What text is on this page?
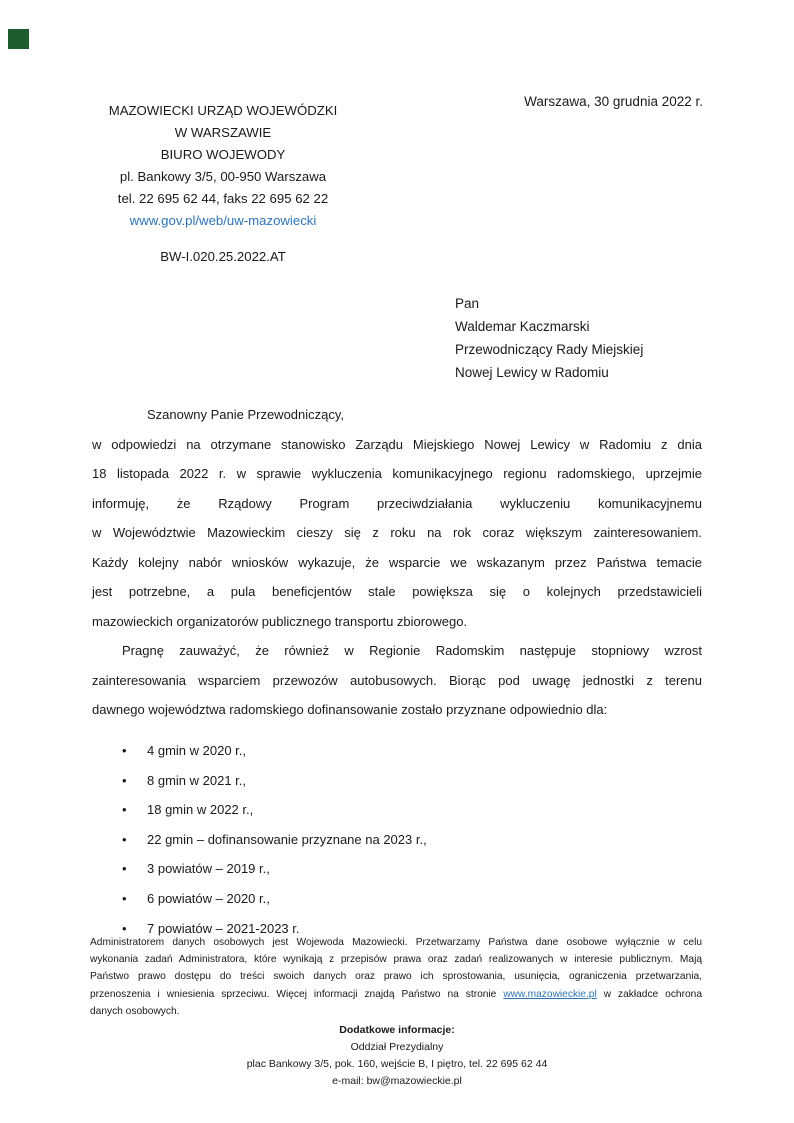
Warszawa, 30 grudnia 2022 r.
MAZOWIECKI URZĄD WOJEWÓDZKI
W WARSZAWIE
BIURO WOJEWODY
pl. Bankowy 3/5, 00-950 Warszawa
tel. 22 695 62 44, faks 22 695 62 22
www.gov.pl/web/uw-mazowiecki
BW-I.020.25.2022.AT
Pan
Waldemar Kaczmarski
Przewodniczący Rady Miejskiej
Nowej Lewicy w Radomiu
Szanowny Panie Przewodniczący,
w odpowiedzi na otrzymane stanowisko Zarządu Miejskiego Nowej Lewicy w Radomiu z dnia
18 listopada 2022 r. w sprawie wykluczenia komunikacyjnego regionu radomskiego, uprzejmie
informuję, że Rządowy Program przeciwdziałania wykluczeniu komunikacyjnemu
w Województwie Mazowieckim cieszy się z roku na rok coraz większym zainteresowaniem.
Każdy kolejny nabór wniosków wykazuje, że wsparcie we wskazanym przez Państwa temacie
jest potrzebne, a pula beneficjentów stale powiększa się o kolejnych przedstawicieli
mazowieckich organizatorów publicznego transportu zbiorowego.
Pragnę zauważyć, że również w Regionie Radomskim następuje stopniowy wzrost
zainteresowania wsparciem przewozów autobusowych. Biorąc pod uwagę jednostki z terenu
dawnego województwa radomskiego dofinansowanie zostało przyznane odpowiednio dla:
• 4 gmin w 2020 r.,
• 8 gmin w 2021 r.,
• 18 gmin w 2022 r.,
• 22 gmin – dofinansowanie przyznane na 2023 r.,
• 3 powiatów – 2019 r.,
• 6 powiatów – 2020 r.,
• 7 powiatów – 2021-2023 r.
Administratorem danych osobowych jest Wojewoda Mazowiecki. Przetwarzamy Państwa dane osobowe wyłącznie w celu
wykonania zadań Administratora, które wynikają z przepisów prawa oraz zadań realizowanych w interesie publicznym. Mają
Państwo prawo dostępu do treści swoich danych oraz prawo ich sprostowania, usunięcia, ograniczenia przetwarzania,
przenoszenia i wniesienia sprzeciwu. Więcej informacji znajdą Państwo na stronie www.mazowieckie.pl w zakładce ochrona
danych osobowych.
Dodatkowe informacje:
Oddział Prezydialny
plac Bankowy 3/5, pok. 160, wejście B, I piętro, tel. 22 695 62 44
e-mail: bw@mazowieckie.pl
